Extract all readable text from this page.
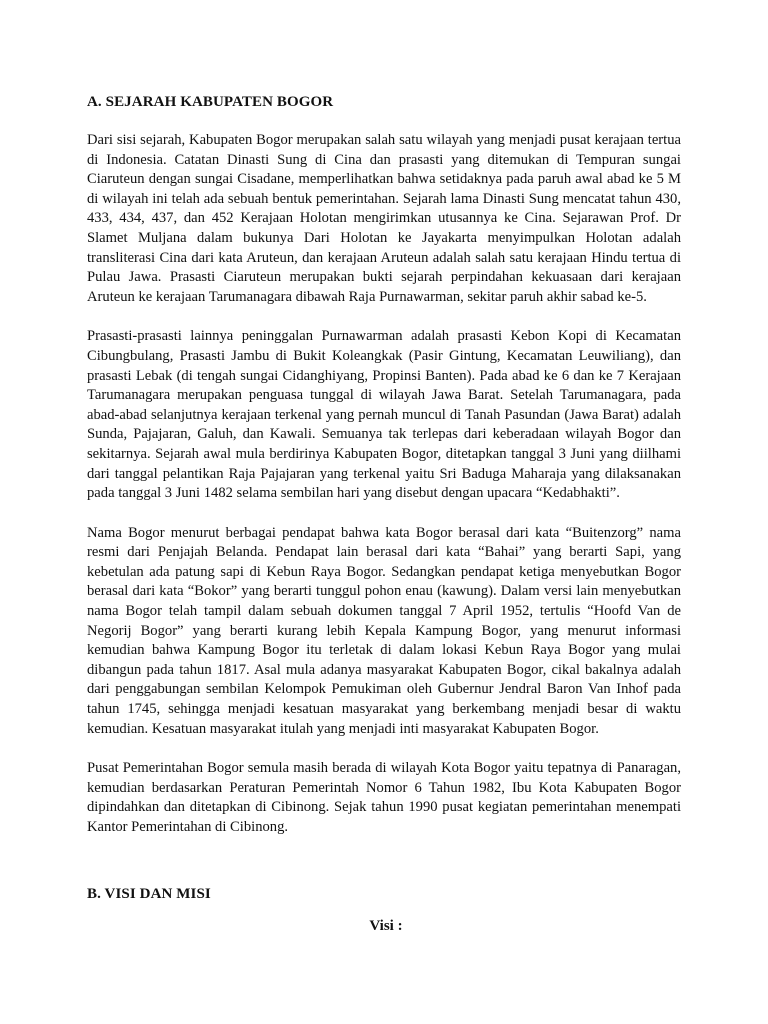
A. SEJARAH KABUPATEN BOGOR

Dari sisi sejarah, Kabupaten Bogor merupakan salah satu wilayah yang menjadi pusat kerajaan tertua di Indonesia. Catatan Dinasti Sung di Cina dan prasasti yang ditemukan di Tempuran sungai Ciaruteun dengan sungai Cisadane, memperlihatkan bahwa setidaknya pada paruh awal abad ke 5 M di wilayah ini telah ada sebuah bentuk pemerintahan. Sejarah lama Dinasti Sung mencatat tahun 430, 433, 434, 437, dan 452 Kerajaan Holotan mengirimkan utusannya ke Cina. Sejarawan Prof. Dr Slamet Muljana dalam bukunya Dari Holotan ke Jayakarta menyimpulkan Holotan adalah transliterasi Cina dari kata Aruteun, dan kerajaan Aruteun adalah salah satu kerajaan Hindu tertua di Pulau Jawa. Prasasti Ciaruteun merupakan bukti sejarah perpindahan kekuasaan dari kerajaan Aruteun ke kerajaan Tarumanagara dibawah Raja Purnawarman, sekitar paruh akhir sabad ke-5.

Prasasti-prasasti lainnya peninggalan Purnawarman adalah prasasti Kebon Kopi di Kecamatan Cibungbulang, Prasasti Jambu di Bukit Koleangkak (Pasir Gintung, Kecamatan Leuwiliang), dan prasasti Lebak (di tengah sungai Cidanghiyang, Propinsi Banten). Pada abad ke 6 dan ke 7 Kerajaan Tarumanagara merupakan penguasa tunggal di wilayah Jawa Barat. Setelah Tarumanagara, pada abad-abad selanjutnya kerajaan terkenal yang pernah muncul di Tanah Pasundan (Jawa Barat) adalah Sunda, Pajajaran, Galuh, dan Kawali. Semuanya tak terlepas dari keberadaan wilayah Bogor dan sekitarnya. Sejarah awal mula berdirinya Kabupaten Bogor, ditetapkan tanggal 3 Juni yang diilhami dari tanggal pelantikan Raja Pajajaran yang terkenal yaitu Sri Baduga Maharaja yang dilaksanakan pada tanggal 3 Juni 1482 selama sembilan hari yang disebut dengan upacara “Kedabhakti”.

Nama Bogor menurut berbagai pendapat bahwa kata Bogor berasal dari kata “Buitenzorg” nama resmi dari Penjajah Belanda. Pendapat lain berasal dari kata “Bahai” yang berarti Sapi, yang kebetulan ada patung sapi di Kebun Raya Bogor. Sedangkan pendapat ketiga menyebutkan Bogor berasal dari kata “Bokor” yang berarti tunggul pohon enau (kawung). Dalam versi lain menyebutkan nama Bogor telah tampil dalam sebuah dokumen tanggal 7 April 1952, tertulis “Hoofd Van de Negorij Bogor” yang berarti kurang lebih Kepala Kampung Bogor, yang menurut informasi kemudian bahwa Kampung Bogor itu terletak di dalam lokasi Kebun Raya Bogor yang mulai dibangun pada tahun 1817. Asal mula adanya masyarakat Kabupaten Bogor, cikal bakalnya adalah dari penggabungan sembilan Kelompok Pemukiman oleh Gubernur Jendral Baron Van Inhof pada tahun 1745, sehingga menjadi kesatuan masyarakat yang berkembang menjadi besar di waktu kemudian. Kesatuan masyarakat itulah yang menjadi inti masyarakat Kabupaten Bogor.

Pusat Pemerintahan Bogor semula masih berada di wilayah Kota Bogor yaitu tepatnya di Panaragan, kemudian berdasarkan Peraturan Pemerintah Nomor 6 Tahun 1982, Ibu Kota Kabupaten Bogor dipindahkan dan ditetapkan di Cibinong. Sejak tahun 1990 pusat kegiatan pemerintahan menempati Kantor Pemerintahan di Cibinong.

B. VISI DAN MISI

Visi :
